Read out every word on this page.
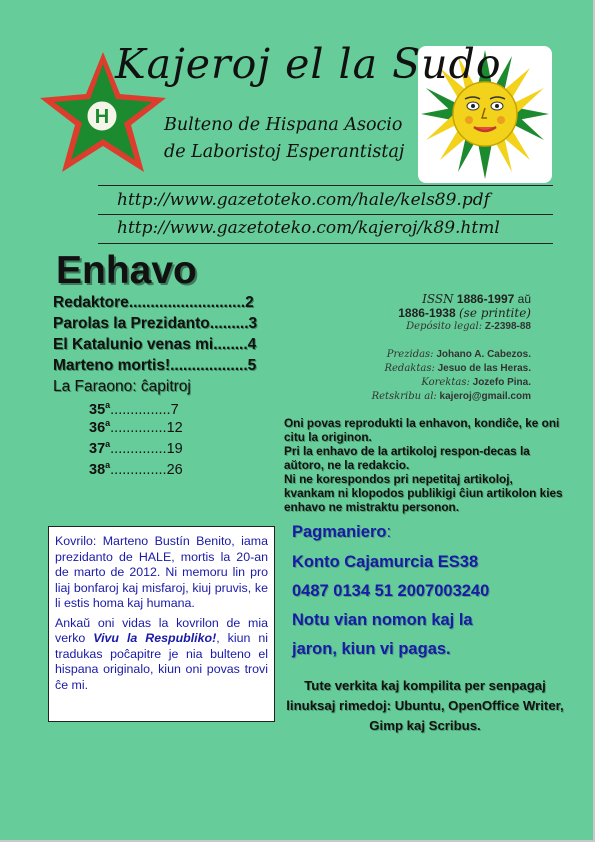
H
Kajeroj el la Sudo
Bulteno de Hispana Asocio
de Laboristoj Esperantistaj
http://www.gazetoteko.com/hale/kels89.pdf
http://www.gazetoteko.com/kajeroj/k89.html
Enhavo
Redaktore...........................2
Parolas la Prezidanto.........3
El Katalunio venas mi........4
Marteno mortis!..................5
La Faraono: ĉapitroj
35$^a$...............7
36$^a$..............12
37$^a$..............19
38$^a$..............26
ISSN 1886-1997 aŭ
1886-1938 (se printite)
Depósito legal: Z-2398-88
Prezidas: Johano A. Cabezos.
Redaktas: Jesuo de las Heras.
Korektas: Jozefo Pina.
Retskribu al: kajeroj@gmail.com

Oni povas reprodukti la enhavon, kondiĉe, ke oni citu la originon.

Pri la enhavo de la artikoloj respon-decas la aŭtoro, ne la redakcio.

Ni ne korespondos pri nepetitaj artikoloj, kvankam ni klopodos publikigi ĉiun artikolon kies enhavo ne mistraktu personon.

Kovrilo: Marteno Bustín Benito, iama prezidanto de HALE, mortis la 20-an de marto de 2012. Ni memoru lin pro liaj bonfaroj kaj misfaroj, kiuj pruvis, ke li estis homa kaj humana.

Ankaŭ oni vidas la kovrilon de mia verko Vivu la Respubliko!, kiun ni tradukas poĉapitre je nia bulteno el hispana originalo, kiun oni povas trovi ĉe mi.

Pagmaniero:
Konto Cajamurcia ES38
0487 0134 51 2007003240
Notu vian nomon kaj la
jaron, kiun vi pagas.
Tute verkita kaj kompilita per senpagaj linuksaj rimedoj: Ubuntu, OpenOffice Writer, Gimp kaj Scribus.
